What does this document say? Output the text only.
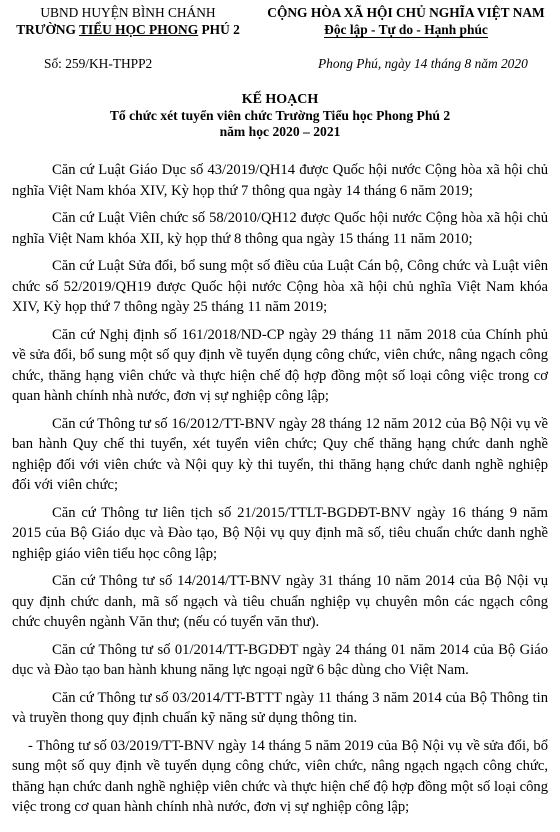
UBND HUYỆN BÌNH CHÁNH
TRƯỜNG TIỂU HỌC PHONG PHÚ 2
CỘNG HÒA XÃ HỘI CHỦ NGHĨA VIỆT NAM
Độc lập - Tự do - Hạnh phúc
Số: 259/KH-THPP2	Phong Phú, ngày 14 tháng 8 năm 2020
KẾ HOẠCH
Tổ chức xét tuyển viên chức Trường Tiểu học Phong Phú 2
năm học 2020 – 2021

Căn cứ Luật Giáo Dục số 43/2019/QH14 được Quốc hội nước Cộng hòa xã hội chủ nghĩa Việt Nam khóa XIV, Kỳ họp thứ 7 thông qua ngày 14 tháng 6 năm 2019;

Căn cứ Luật Viên chức số 58/2010/QH12 được Quốc hội nước Cộng hòa xã hội chủ nghĩa Việt Nam khóa XII, kỳ họp thứ 8 thông qua ngày 15 tháng 11 năm 2010;

Căn cứ Luật Sửa đổi, bổ sung một số điều của Luật Cán bộ, Công chức và Luật viên chức số 52/2019/QH19 được Quốc hội nước Cộng hòa xã hội chủ nghĩa Việt Nam khóa XIV, Kỳ họp thứ 7 thông ngày 25 tháng 11 năm 2019;

Căn cứ Nghị định số 161/2018/ND-CP ngày 29 tháng 11 năm 2018 của Chính phủ về sửa đổi, bổ sung một số quy định về tuyển dụng công chức, viên chức, nâng ngạch công chức, thăng hạng viên chức và thực hiện chế độ hợp đồng một số loại công việc trong cơ quan hành chính nhà nước, đơn vị sự nghiệp công lập;

Căn cứ Thông tư số 16/2012/TT-BNV ngày 28 tháng 12 năm 2012 của Bộ Nội vụ về ban hành Quy chế thi tuyển, xét tuyển viên chức; Quy chế thăng hạng chức danh nghề nghiệp đối với viên chức và Nội quy kỳ thi tuyển, thi thăng hạng chức danh nghề nghiệp đối với viên chức;

Căn cứ Thông tư liên tịch số 21/2015/TTLT-BGDĐT-BNV ngày 16 tháng 9 năm 2015 của Bộ Giáo dục và Đào tạo, Bộ Nội vụ quy định mã số, tiêu chuẩn chức danh nghề nghiệp giáo viên tiểu học công lập;

Căn cứ Thông tư số 14/2014/TT-BNV ngày 31 tháng 10 năm 2014 của Bộ Nội vụ quy định chức danh, mã số ngạch và tiêu chuẩn nghiệp vụ chuyên môn các ngạch công chức chuyên ngành Văn thư; (nếu có tuyển văn thư).

Căn cứ Thông tư số 01/2014/TT-BGDĐT ngày 24 tháng 01 năm 2014 của Bộ Giáo dục và Đào tạo ban hành khung năng lực ngoại ngữ 6 bậc dùng cho Việt Nam.

Căn cứ Thông tư số 03/2014/TT-BTTT ngày 11 tháng 3 năm 2014 của Bộ Thông tin và truyền thong quy định chuẩn kỹ năng sử dụng thông tin.

- Thông tư số 03/2019/TT-BNV ngày 14 tháng 5 năm 2019 của Bộ Nội vụ về sửa đổi, bổ sung một số quy định về tuyển dụng công chức, viên chức, nâng ngạch ngạch công chức, thăng hạn chức danh nghề nghiệp viên chức và thực hiện chế độ hợp đồng một số loại công việc trong cơ quan hành chính nhà nước, đơn vị sự nghiệp công lập;
